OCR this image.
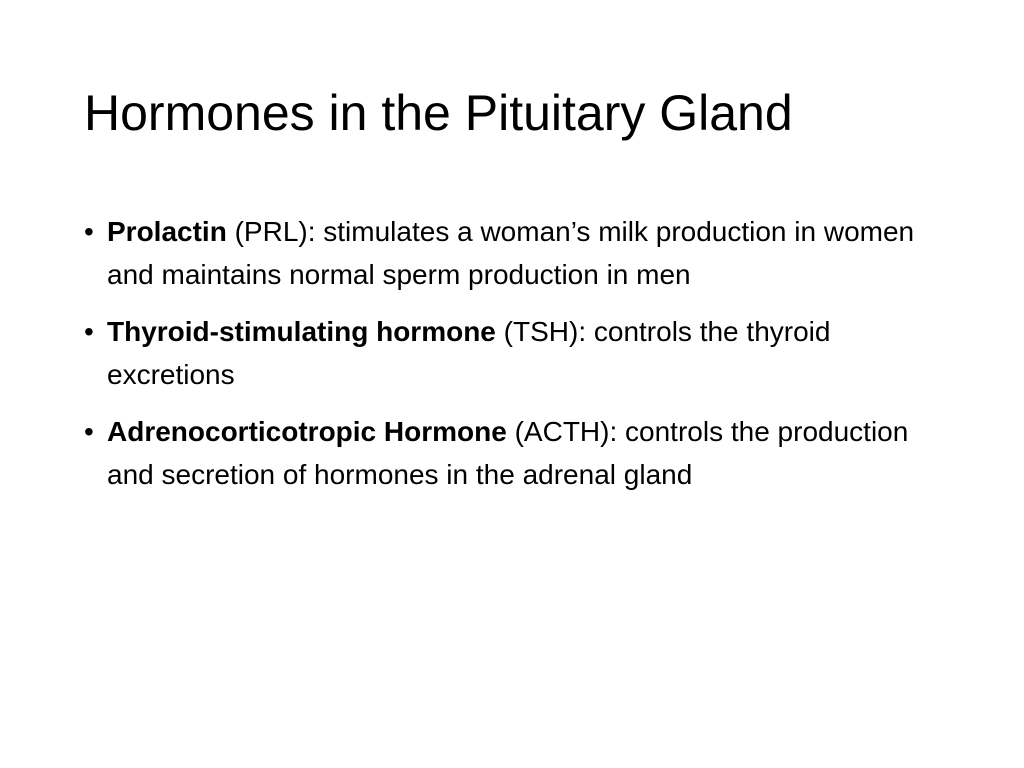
Hormones in the Pituitary Gland
• Prolactin (PRL): stimulates a woman’s milk production in women and maintains normal sperm production in men
• Thyroid-stimulating hormone (TSH): controls the thyroid excretions
• Adrenocorticotropic Hormone (ACTH): controls the production and secretion of hormones in the adrenal gland
